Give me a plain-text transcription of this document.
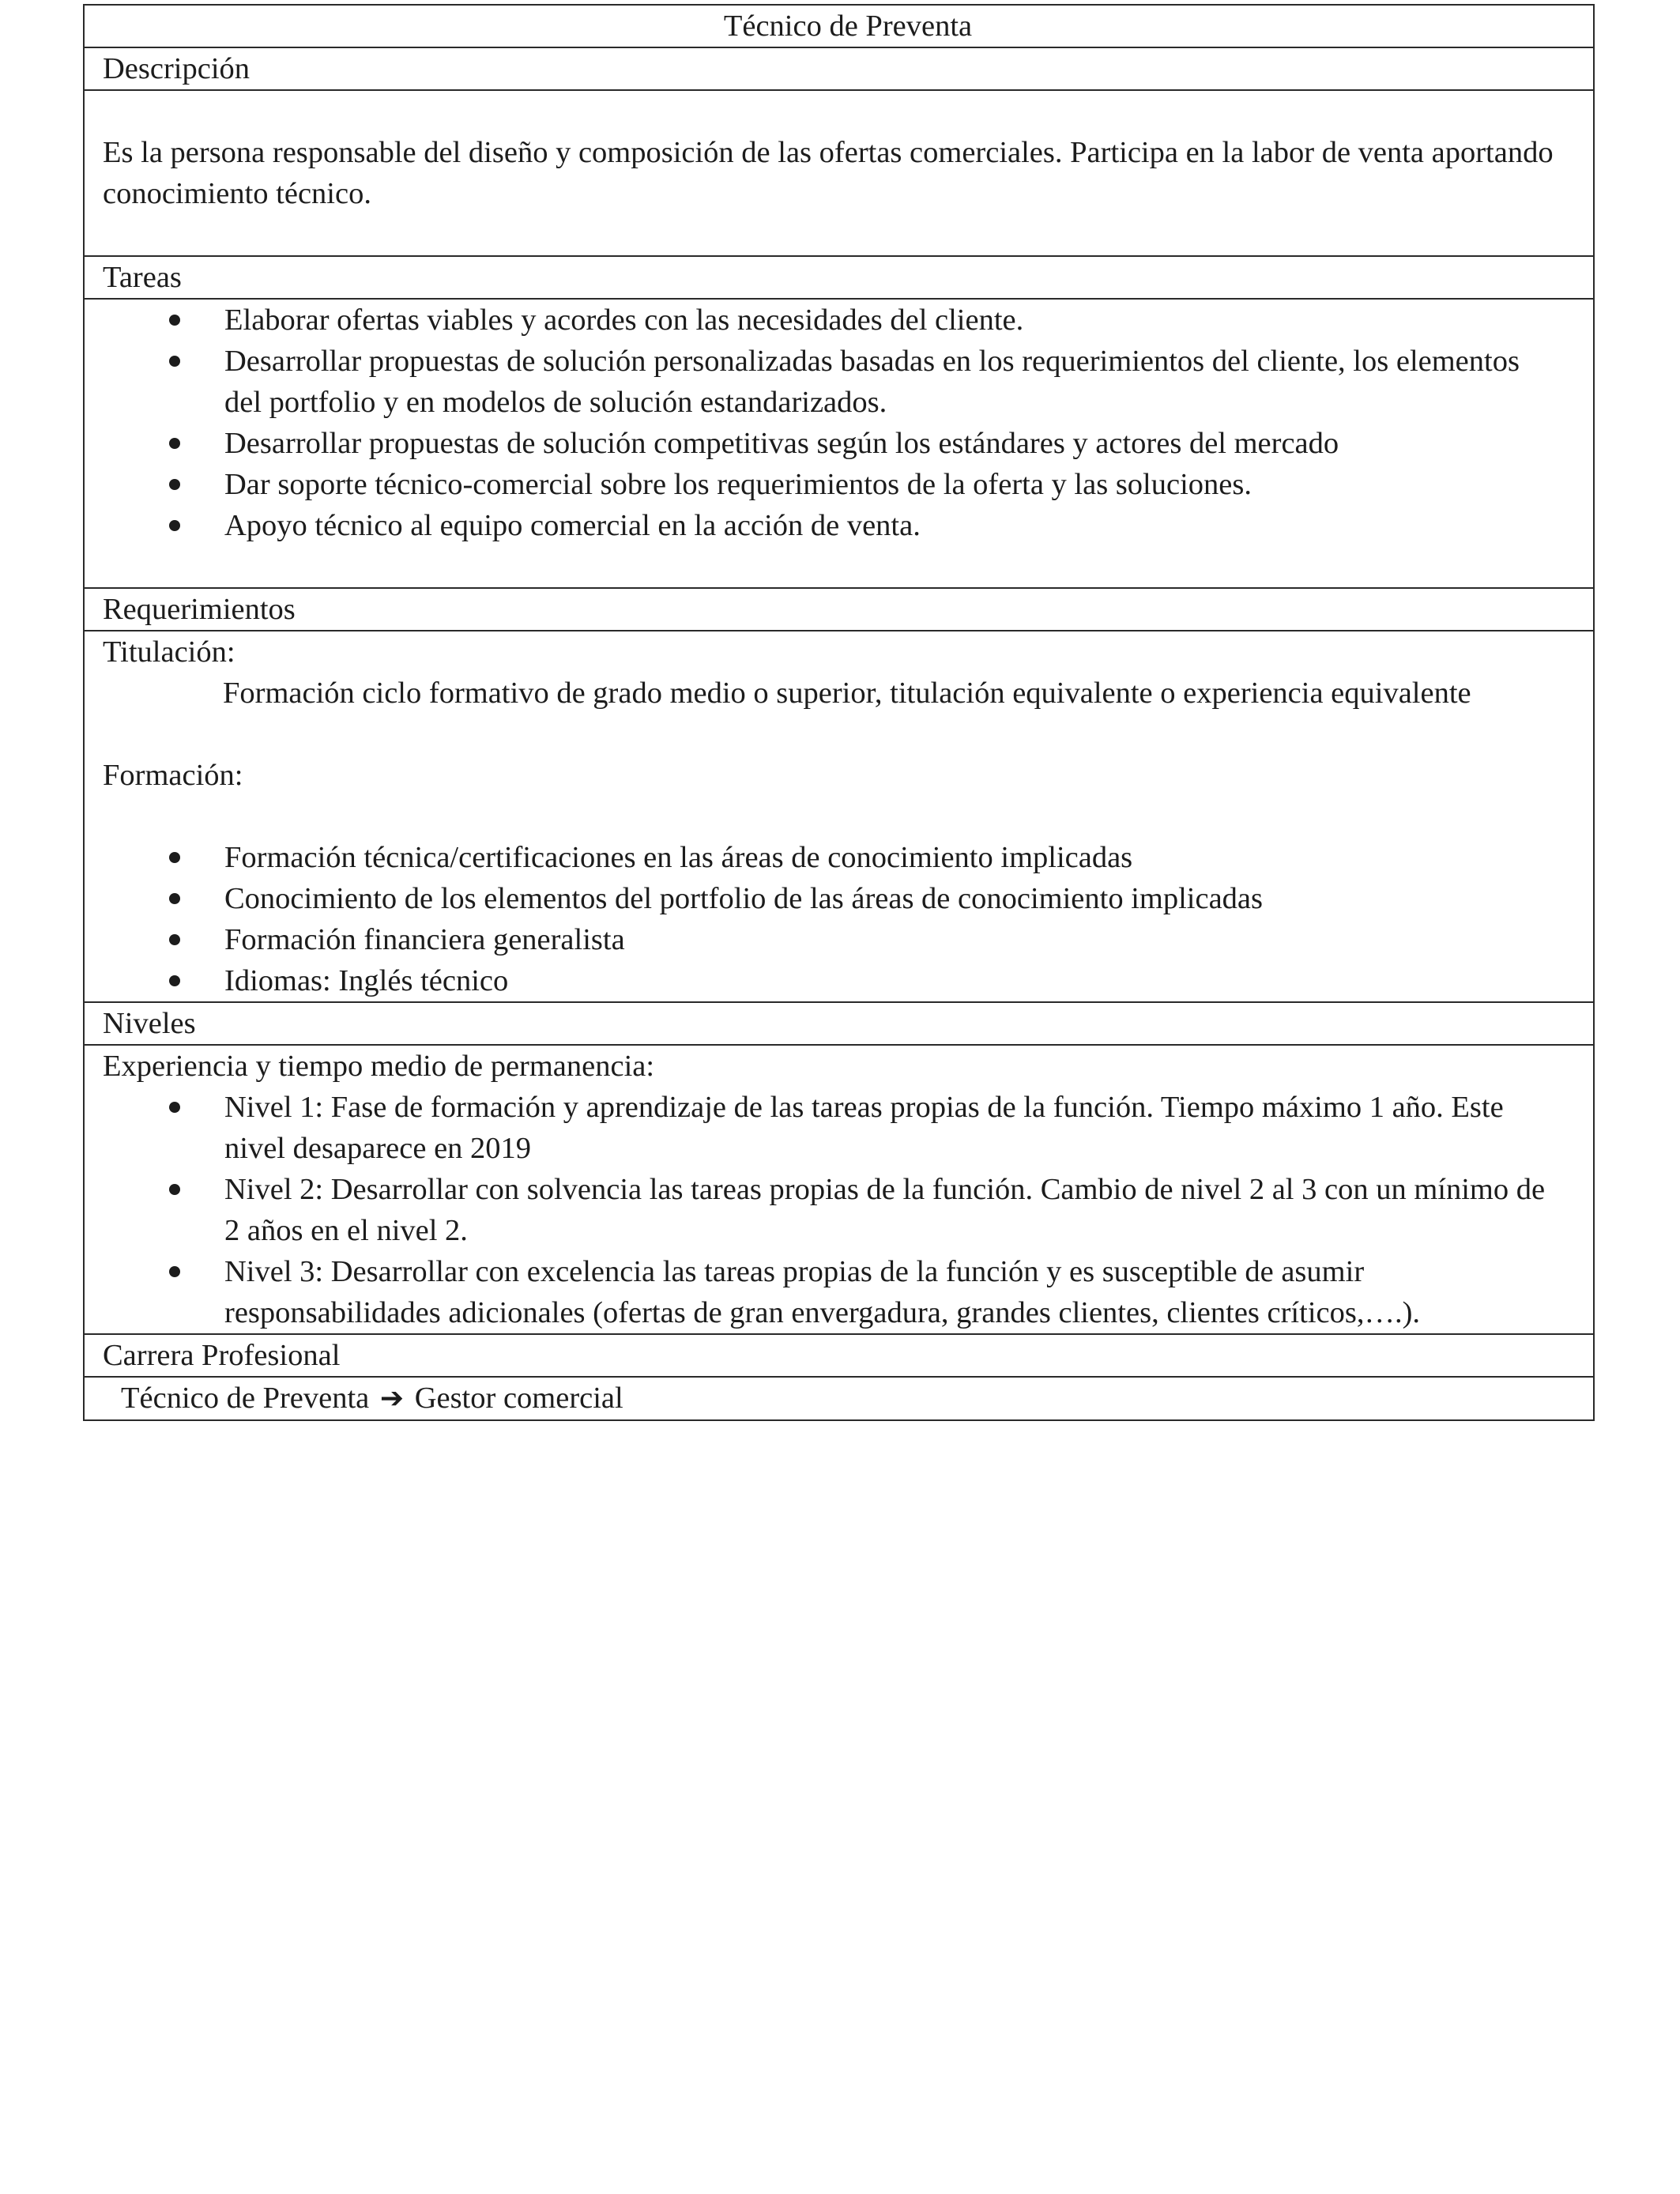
Técnico de Preventa
Descripción

Es la persona responsable del diseño y composición de las ofertas comerciales. Participa en la labor de venta aportando conocimiento técnico.

Tareas

Elaborar ofertas viables y acordes con las necesidades del cliente.
Desarrollar propuestas de solución personalizadas basadas en los requerimientos del cliente, los elementos del portfolio y en modelos de solución estandarizados.
Desarrollar propuestas de solución competitivas según los estándares y actores del mercado
Dar soporte técnico-comercial sobre los requerimientos de la oferta y las soluciones.
Apoyo técnico al equipo comercial en la acción de venta.

Requerimientos

Titulación:
Formación ciclo formativo de grado medio o superior, titulación equivalente o experiencia equivalente
Formación:
Formación técnica/certificaciones en las áreas de conocimiento implicadas
Conocimiento de los elementos del portfolio de las áreas de conocimiento implicadas
Formación financiera generalista
Idiomas: Inglés técnico

Niveles

Experiencia y tiempo medio de permanencia:
Nivel 1: Fase de formación y aprendizaje de las tareas propias de la función. Tiempo máximo 1 año. Este nivel desaparece en 2019
Nivel 2: Desarrollar con solvencia las tareas propias de la función. Cambio de nivel 2 al 3 con un mínimo de 2 años en el nivel 2.
Nivel 3: Desarrollar con excelencia las tareas propias de la función y es susceptible de asumir responsabilidades adicionales (ofertas de gran envergadura, grandes clientes, clientes críticos,….).

Carrera Profesional
Técnico de Preventa ➔ Gestor comercial
